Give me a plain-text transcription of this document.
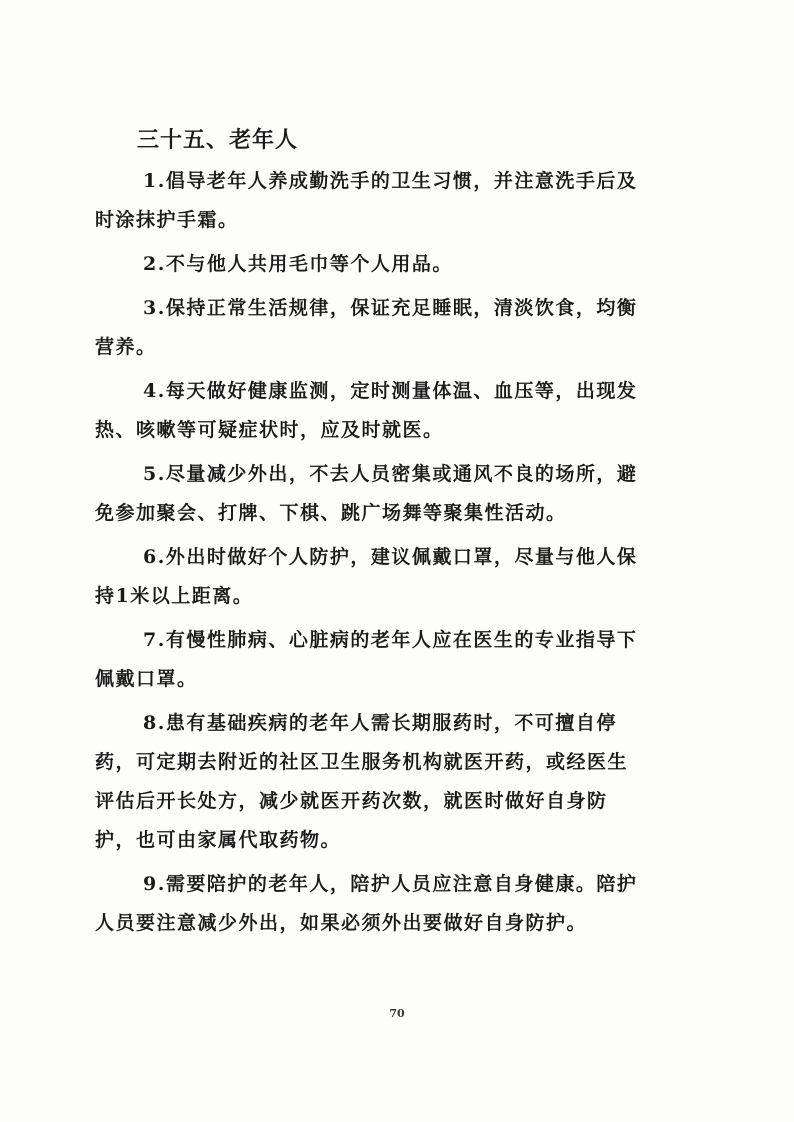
三十五、老年人

1.倡导老年人养成勤洗手的卫生习惯，并注意洗手后及时涂抹护手霜。

2.不与他人共用毛巾等个人用品。

3.保持正常生活规律，保证充足睡眠，清淡饮食，均衡营养。

4.每天做好健康监测，定时测量体温、血压等，出现发热、咳嗽等可疑症状时，应及时就医。

5.尽量减少外出，不去人员密集或通风不良的场所，避免参加聚会、打牌、下棋、跳广场舞等聚集性活动。

6.外出时做好个人防护，建议佩戴口罩，尽量与他人保持1米以上距离。

7.有慢性肺病、心脏病的老年人应在医生的专业指导下佩戴口罩。

8.患有基础疾病的老年人需长期服药时，不可擅自停药，可定期去附近的社区卫生服务机构就医开药，或经医生评估后开长处方，减少就医开药次数，就医时做好自身防护，也可由家属代取药物。

9.需要陪护的老年人，陪护人员应注意自身健康。陪护人员要注意减少外出，如果必须外出要做好自身防护。

70
